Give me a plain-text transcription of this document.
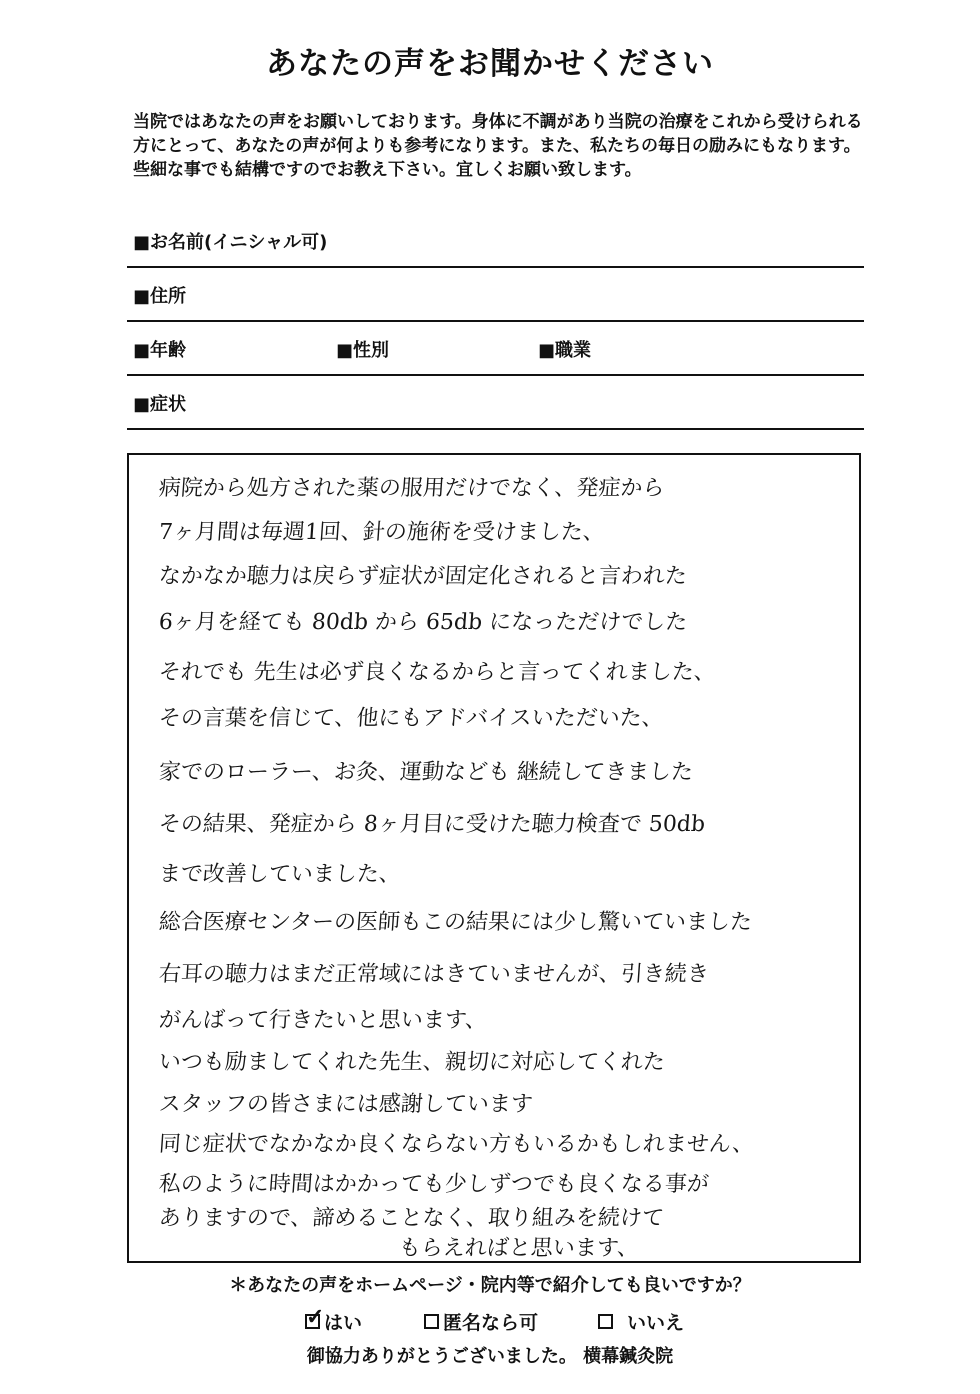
あなたの声をお聞かせください
当院ではあなたの声をお願いしております。身体に不調があり当院の治療をこれから受けられる方にとって、あなたの声が何よりも参考になります。また、私たちの毎日の励みにもなります。些細な事でも結構ですのでお教え下さい。宜しくお願い致します。
■お名前(イニシャル可)
■住所
■年齢	■性別	■職業
■症状
病院から処方された薬の服用だけでなく、発症から
7ヶ月間は毎週1回、針の施術を受けました、
なかなか聴力は戻らず症状が固定化されると言われた
6ヶ月を経ても 80db から 65db になっただけでした
それでも 先生は必ず良くなるからと言ってくれました、
その言葉を信じて、他にもアドバイスいただいた、
家でのローラー、お灸、運動なども 継続してきました
その結果、発症から 8ヶ月目に受けた聴力検査で 50db
まで改善していました、
総合医療センターの医師もこの結果には少し驚いていました
右耳の聴力はまだ正常域にはきていませんが、引き続き
がんばって行きたいと思います、
いつも励ましてくれた先生、親切に対応してくれた
スタッフの皆さまには感謝しています
同じ症状でなかなか良くならない方もいるかもしれません、
私のように時間はかかっても少しずつでも良くなる事が
ありますので、諦めることなく、取り組みを続けて
もらえればと思います、
＊あなたの声をホームページ・院内等で紹介しても良いですか？
✓ はい	匿名なら可	いいえ
御協力ありがとうございました。 横幕鍼灸院
